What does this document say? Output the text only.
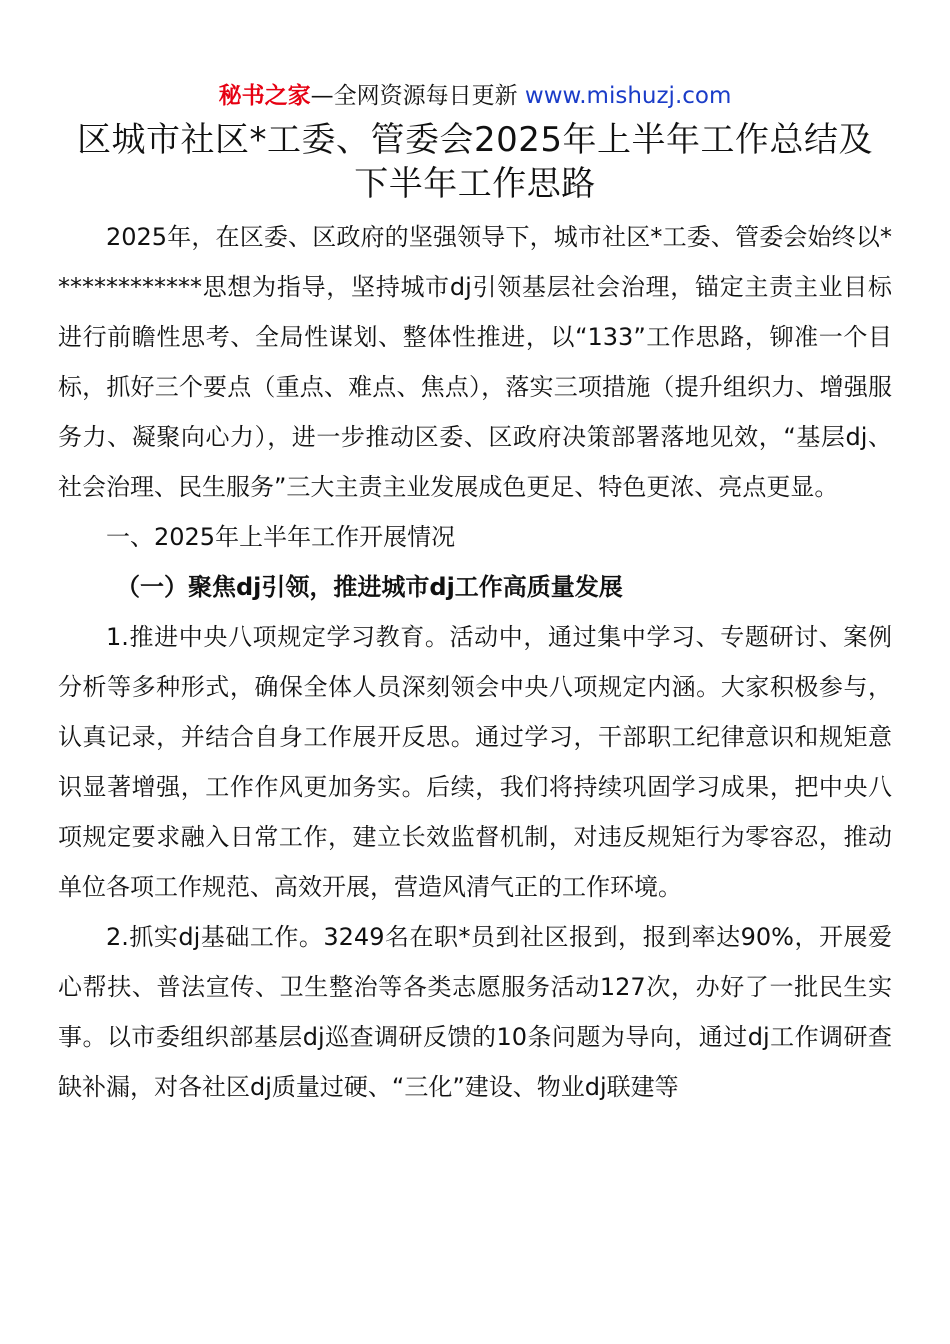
秘书之家—全网资源每日更新 www.mishuzj.com
区城市社区*工委、管委会2025年上半年工作总结及
下半年工作思路

2025年，在区委、区政府的坚强领导下，城市社区*工委、管委会始终以*************思想为指导，坚持城市dj引领基层社会治理，锚定主责主业目标进行前瞻性思考、全局性谋划、整体性推进，以“133”工作思路，铆准一个目标，抓好三个要点（重点、难点、焦点），落实三项措施（提升组织力、增强服务力、凝聚向心力），进一步推动区委、区政府决策部署落地见效，“基层dj、社会治理、民生服务”三大主责主业发展成色更足、特色更浓、亮点更显。

一、2025年上半年工作开展情况

（一）聚焦dj引领，推进城市dj工作高质量发展

1.推进中央八项规定学习教育。活动中，通过集中学习、专题研讨、案例分析等多种形式，确保全体人员深刻领会中央八项规定内涵。大家积极参与，认真记录，并结合自身工作展开反思。通过学习，干部职工纪律意识和规矩意识显著增强，工作作风更加务实。后续，我们将持续巩固学习成果，把中央八项规定要求融入日常工作，建立长效监督机制，对违反规矩行为零容忍，推动单位各项工作规范、高效开展，营造风清气正的工作环境。

2.抓实dj基础工作。3249名在职*员到社区报到，报到率达90%，开展爱心帮扶、普法宣传、卫生整治等各类志愿服务活动127次，办好了一批民生实事。以市委组织部基层dj巡查调研反馈的10条问题为导向，通过dj工作调研查缺补漏，对各社区dj质量过硬、“三化”建设、物业dj联建等
